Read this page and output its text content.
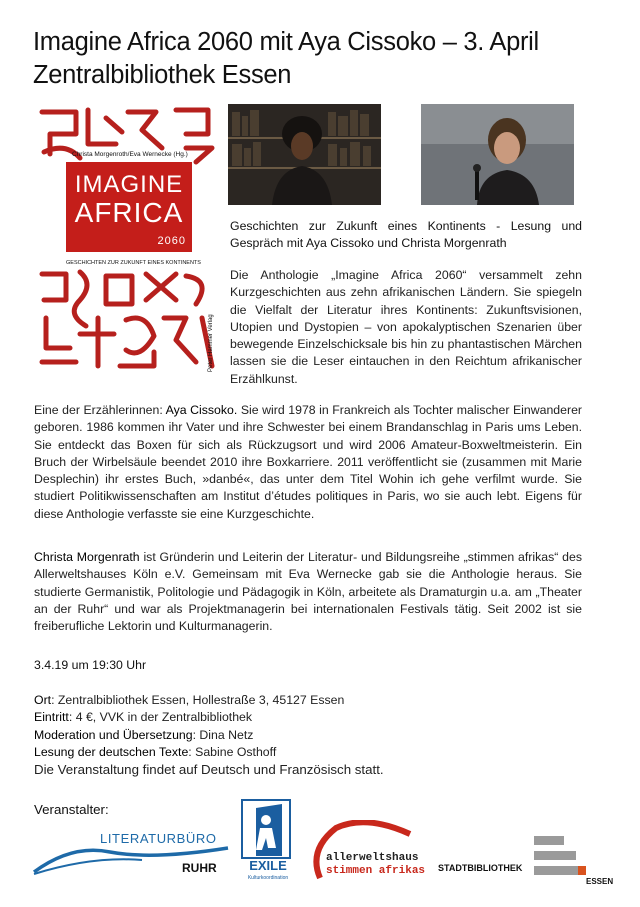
Imagine Africa 2060 mit Aya Cissoko – 3. April
Zentralbibliothek Essen
Christa Morgenroth/Eva Wernecke (Hg.)
IMAGINE
AFRICA
2060
GESCHICHTEN ZUR ZUKUNFT EINES KONTINENTS
Peter Hammer Verlag

Geschichten zur Zukunft eines Kontinents - Lesung und Gespräch mit Aya Cissoko und Christa Morgenrath

Die Anthologie „Imagine Africa 2060“ versammelt zehn Kurzgeschichten aus zehn afrikanischen Ländern. Sie spiegeln die Vielfalt der Literatur ihres Kontinents: Zukunftsvisionen, Utopien und Dystopien – von apokalyptischen Szenarien über bewegende Einzelschicksale bis hin zu phantastischen Märchen lassen sie die Leser eintauchen in den Reichtum afrikanischer Erzählkunst.

Eine der Erzählerinnen: Aya Cissoko. Sie wird 1978 in Frankreich als Tochter malischer Einwanderer geboren. 1986 kommen ihr Vater und ihre Schwester bei einem Brandanschlag in Paris ums Leben. Sie entdeckt das Boxen für sich als Rückzugsort und wird 2006 Amateur-Boxweltmeisterin. Ein Bruch der Wirbelsäule beendet 2010 ihre Boxkarriere. 2011 veröffentlicht sie (zusammen mit Marie Desplechin) ihr erstes Buch, »danbé«, das unter dem Titel Wohin ich gehe verfilmt wurde. Sie studiert Politikwissenschaften am Institut d’études politiques in Paris, wo sie auch lebt. Eigens für diese Anthologie verfasste sie eine Kurzgeschichte.

Christa Morgenrath ist Gründerin und Leiterin der Literatur- und Bildungsreihe „stimmen afrikas“ des Allerweltshauses Köln e.V. Gemeinsam mit Eva Wernecke gab sie die Anthologie heraus. Sie studierte Germanistik, Politologie und Pädagogik in Köln, arbeitete als Dramaturgin u.a. am „Theater an der Ruhr“ und war als Projektmanagerin bei internationalen Festivals tätig. Seit 2002 ist sie freiberufliche Lektorin und Kulturmanagerin.

3.4.19 um 19:30 Uhr

Ort: Zentralbibliothek Essen, Hollestraße 3, 45127 Essen
Eintritt: 4 €, VVK in der Zentralbibliothek
Moderation und Übersetzung: Dina Netz
Lesung der deutschen Texte: Sabine Osthoff
Die Veranstaltung findet auf Deutsch und Französisch statt.

Veranstalter:

LITERATURBÜRO
RUHR	EXILE
Kulturkoordination
allerweltshaus
stimmen afrikas STADTBIBLIOTHEK
ESSEN
